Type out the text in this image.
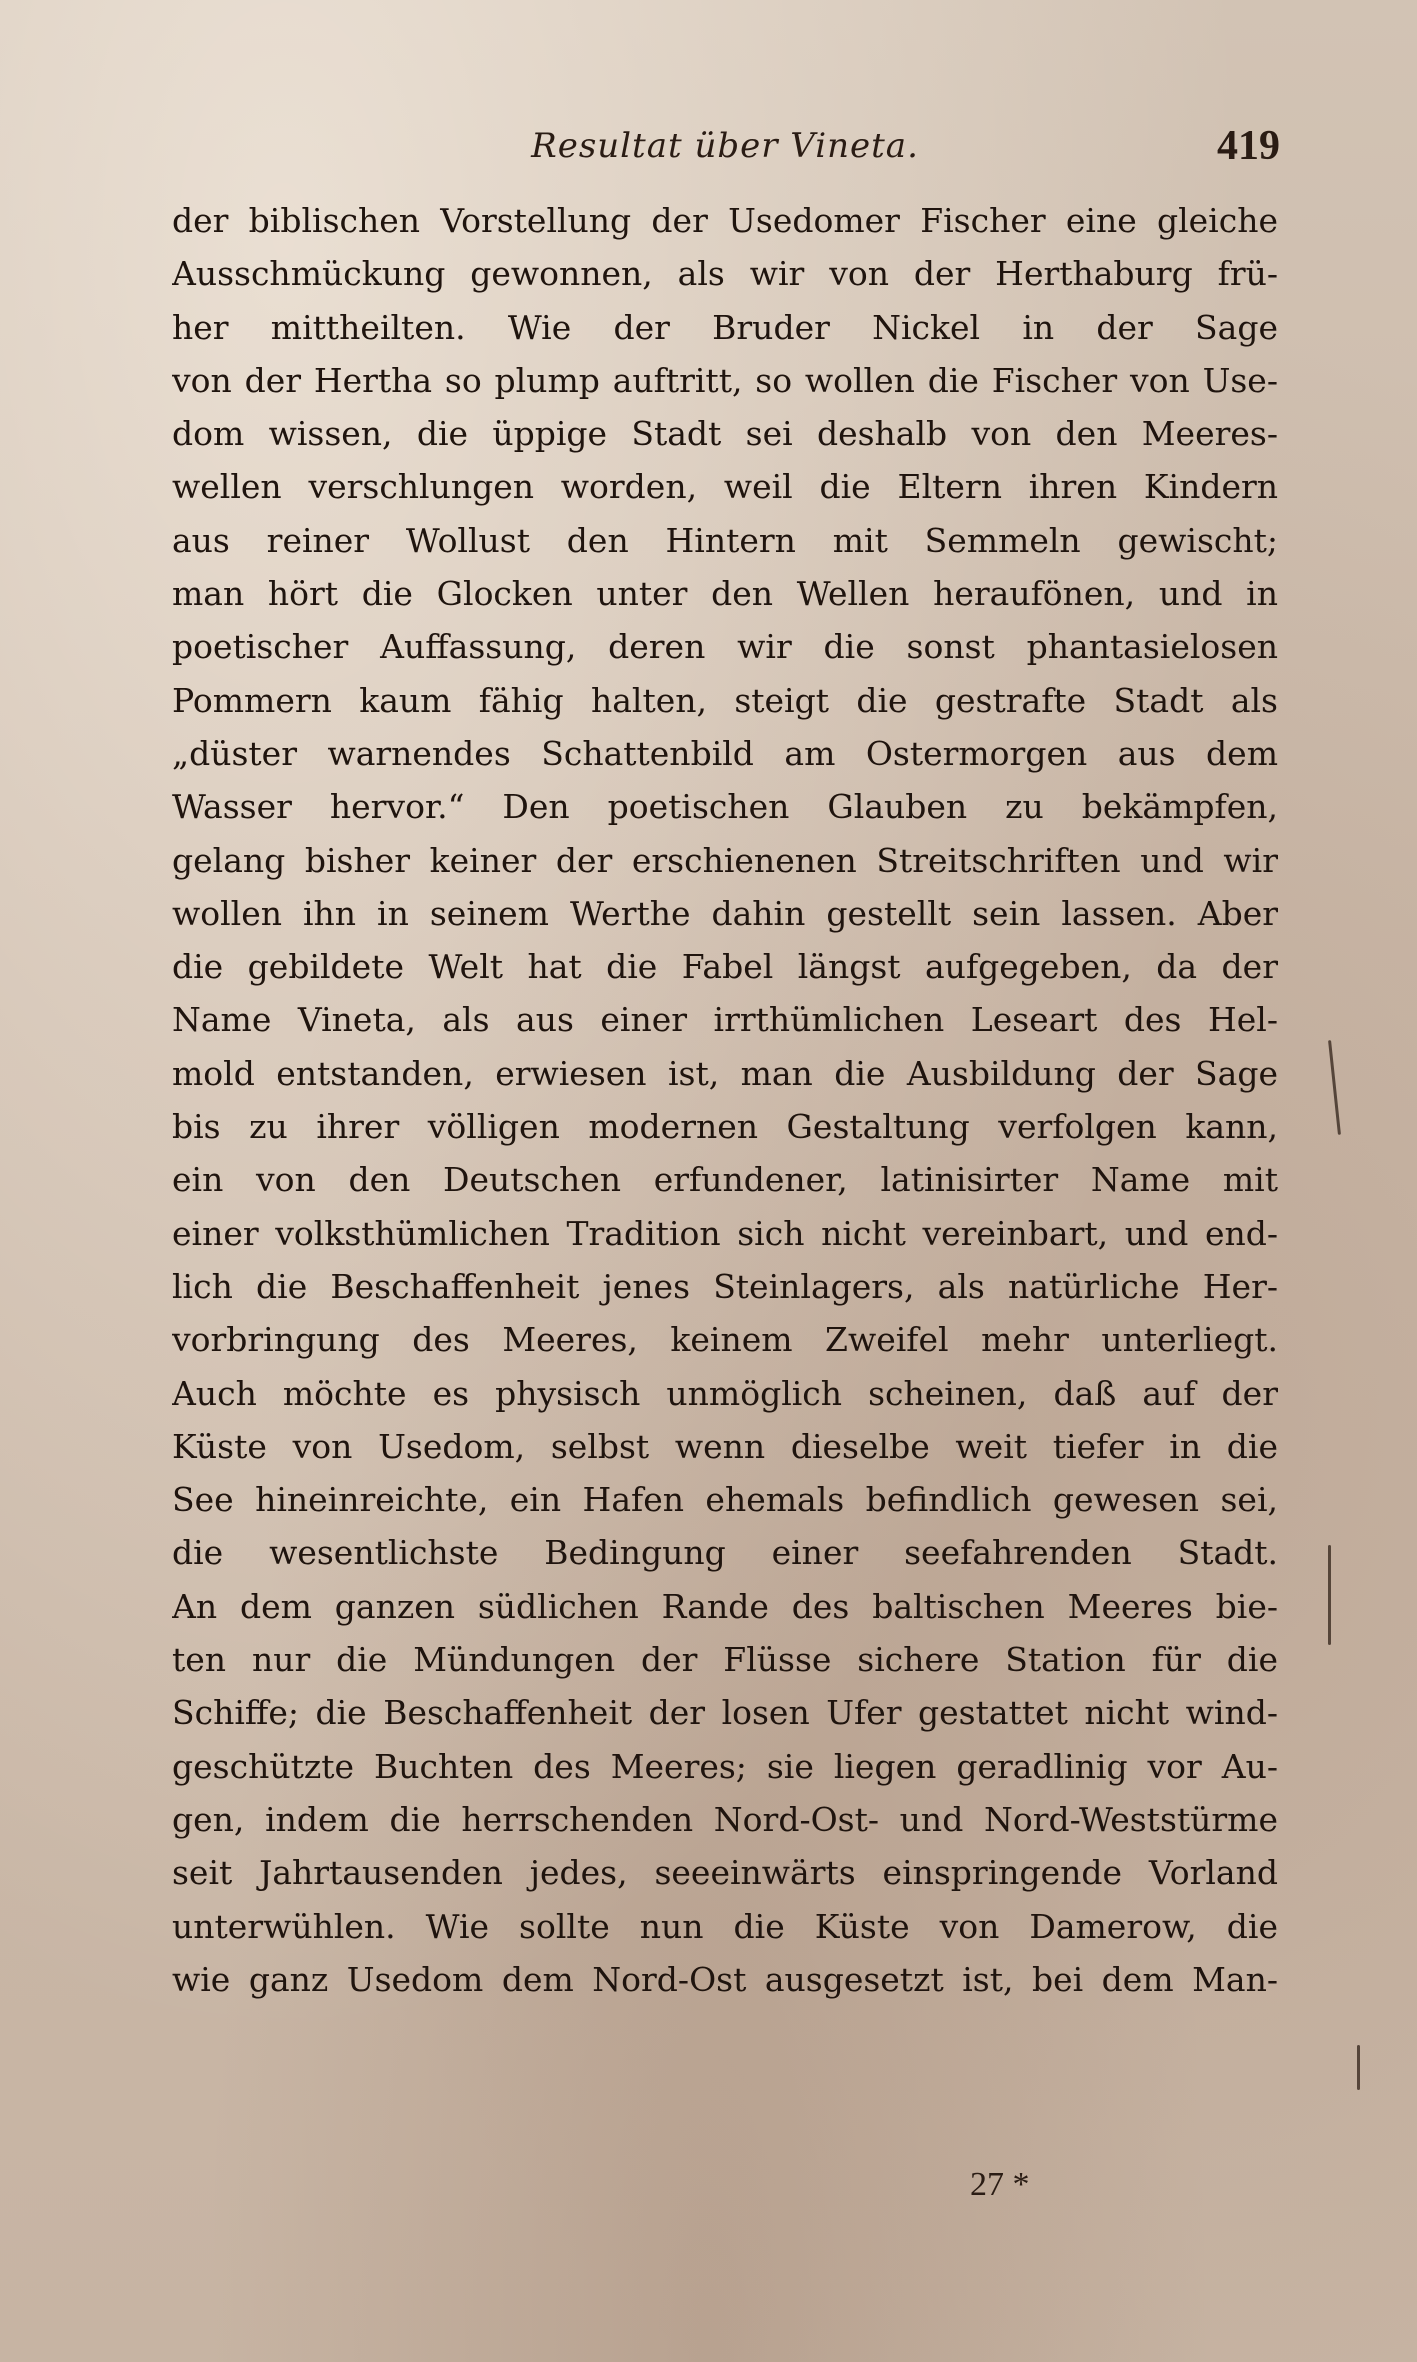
Resultat über Vineta.	419
der biblischen Vorstellung der Usedomer Fischer eine gleiche
Ausschmückung gewonnen, als wir von der Herthaburg frü-
her mittheilten. Wie der Bruder Nickel in der Sage
von der Hertha so plump auftritt, so wollen die Fischer von Use-
dom wissen, die üppige Stadt sei deshalb von den Meeres-
wellen verschlungen worden, weil die Eltern ihren Kindern
aus reiner Wollust den Hintern mit Semmeln gewischt;
man hört die Glocken unter den Wellen heraufönen, und in
poetischer Auffassung, deren wir die sonst phantasielosen
Pommern kaum fähig halten, steigt die gestrafte Stadt als
„düster warnendes Schattenbild am Ostermorgen aus dem
Wasser hervor.“ Den poetischen Glauben zu bekämpfen,
gelang bisher keiner der erschienenen Streitschriften und wir
wollen ihn in seinem Werthe dahin gestellt sein lassen. Aber
die gebildete Welt hat die Fabel längst aufgegeben, da der
Name Vineta, als aus einer irrthümlichen Leseart des Hel-
mold entstanden, erwiesen ist, man die Ausbildung der Sage
bis zu ihrer völligen modernen Gestaltung verfolgen kann,
ein von den Deutschen erfundener, latinisirter Name mit
einer volksthümlichen Tradition sich nicht vereinbart, und end-
lich die Beschaffenheit jenes Steinlagers, als natürliche Her-
vorbringung des Meeres, keinem Zweifel mehr unterliegt.
Auch möchte es physisch unmöglich scheinen, daß auf der
Küste von Usedom, selbst wenn dieselbe weit tiefer in die
See hineinreichte, ein Hafen ehemals befindlich gewesen sei,
die wesentlichste Bedingung einer seefahrenden Stadt.
An dem ganzen südlichen Rande des baltischen Meeres bie-
ten nur die Mündungen der Flüsse sichere Station für die
Schiffe; die Beschaffenheit der losen Ufer gestattet nicht wind-
geschützte Buchten des Meeres; sie liegen geradlinig vor Au-
gen, indem die herrschenden Nord-Ost- und Nord-Weststürme
seit Jahrtausenden jedes, seeeinwärts einspringende Vorland
unterwühlen. Wie sollte nun die Küste von Damerow, die
wie ganz Usedom dem Nord-Ost ausgesetzt ist, bei dem Man-
27 *
